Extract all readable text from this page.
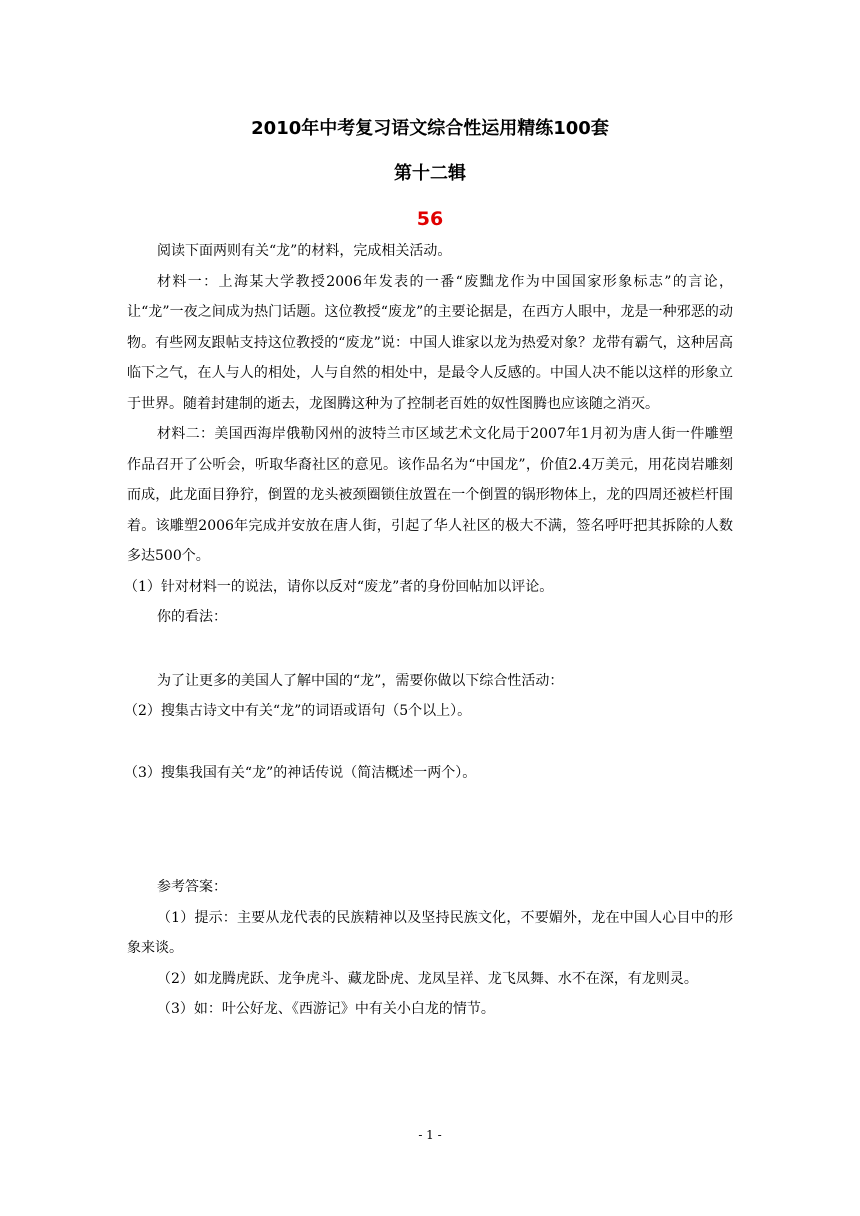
2010年中考复习语文综合性运用精练100套
第十二辑
56

阅读下面两则有关“龙”的材料，完成相关活动。

材料一：上海某大学教授2006年发表的一番“废黜龙作为中国国家形象标志”的言论，让“龙”一夜之间成为热门话题。这位教授“废龙”的主要论据是，在西方人眼中，龙是一种邪恶的动物。有些网友跟帖支持这位教授的“废龙”说：中国人谁家以龙为热爱对象？龙带有霸气，这种居高临下之气，在人与人的相处，人与自然的相处中，是最令人反感的。中国人决不能以这样的形象立于世界。随着封建制的逝去，龙图腾这种为了控制老百姓的奴性图腾也应该随之消灭。

材料二：美国西海岸俄勒冈州的波特兰市区域艺术文化局于2007年1月初为唐人街一件雕塑作品召开了公听会，听取华裔社区的意见。该作品名为“中国龙”，价值2.4万美元，用花岗岩雕刻而成，此龙面目狰狞，倒置的龙头被颈圈锁住放置在一个倒置的锅形物体上，龙的四周还被栏杆围着。该雕塑2006年完成并安放在唐人街，引起了华人社区的极大不满，签名呼吁把其拆除的人数多达500个。

（1）针对材料一的说法，请你以反对“废龙”者的身份回帖加以评论。

你的看法：

为了让更多的美国人了解中国的“龙”，需要你做以下综合性活动：

（2）搜集古诗文中有关“龙”的词语或语句（5个以上）。

（3）搜集我国有关“龙”的神话传说（简洁概述一两个）。

参考答案：

（1）提示：主要从龙代表的民族精神以及坚持民族文化，不要媚外，龙在中国人心目中的形象来谈。

（2）如龙腾虎跃、龙争虎斗、藏龙卧虎、龙凤呈祥、龙飞凤舞、水不在深，有龙则灵。

（3）如：叶公好龙、《西游记》中有关小白龙的情节。

- 1 -
